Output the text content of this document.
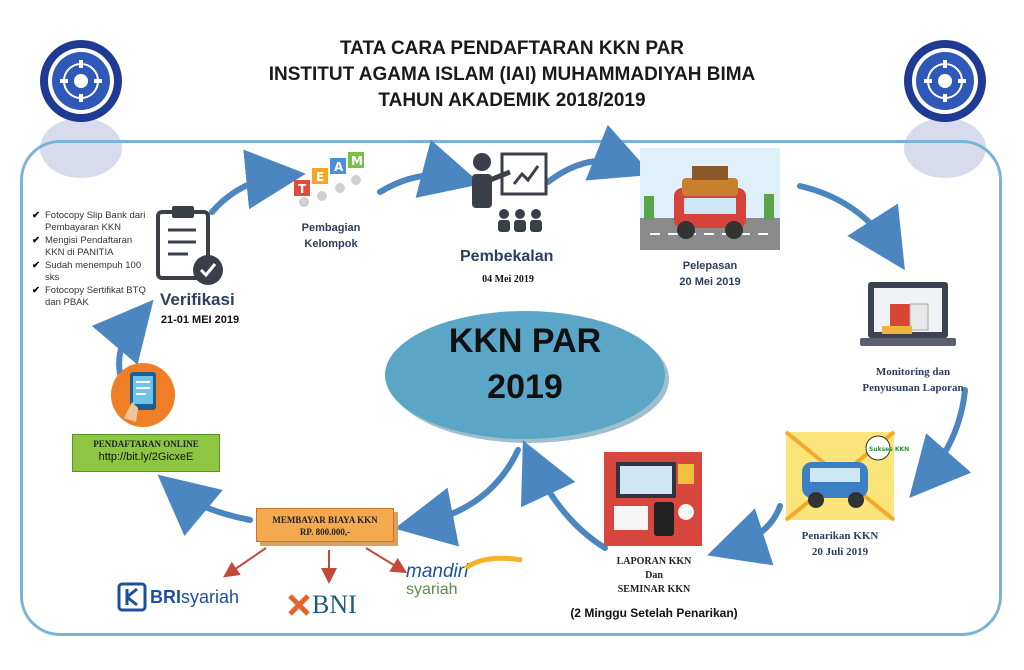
TATA CARA PENDAFTARAN KKN PAR
INSTITUT AGAMA ISLAM (IAI) MUHAMMADIYAH BIMA
TAHUN AKADEMIK 2018/2019
✔ Fotocopy Slip Bank dari Pembayaran KKN
✔ Mengisi Pendaftaran KKN di PANITIA
✔ Sudah menempuh 100 sks
✔ Fotocopy Sertifikat BTQ dan PBAK	Verifikasi
21-01 MEI 2019
T
E
A M
Pembagian
Kelompok
Pembekalan
04 Mei 2019
Pelepasan
20 Mei 2019
Monitoring dan
Penyusunan Laporan
Sukses KKN
Penarikan KKN
20 Juli 2019
LAPORAN KKN
Dan
SEMINAR KKN
(2 Minggu Setelah Penarikan)
KKN PAR
2019
PENDAFTARAN ONLINE
http://bit.ly/2GicxeE
MEMBAYAR BIAYA KKN
RP. 800.000,-
BRI syariah	BNI
mandiri
syariah
